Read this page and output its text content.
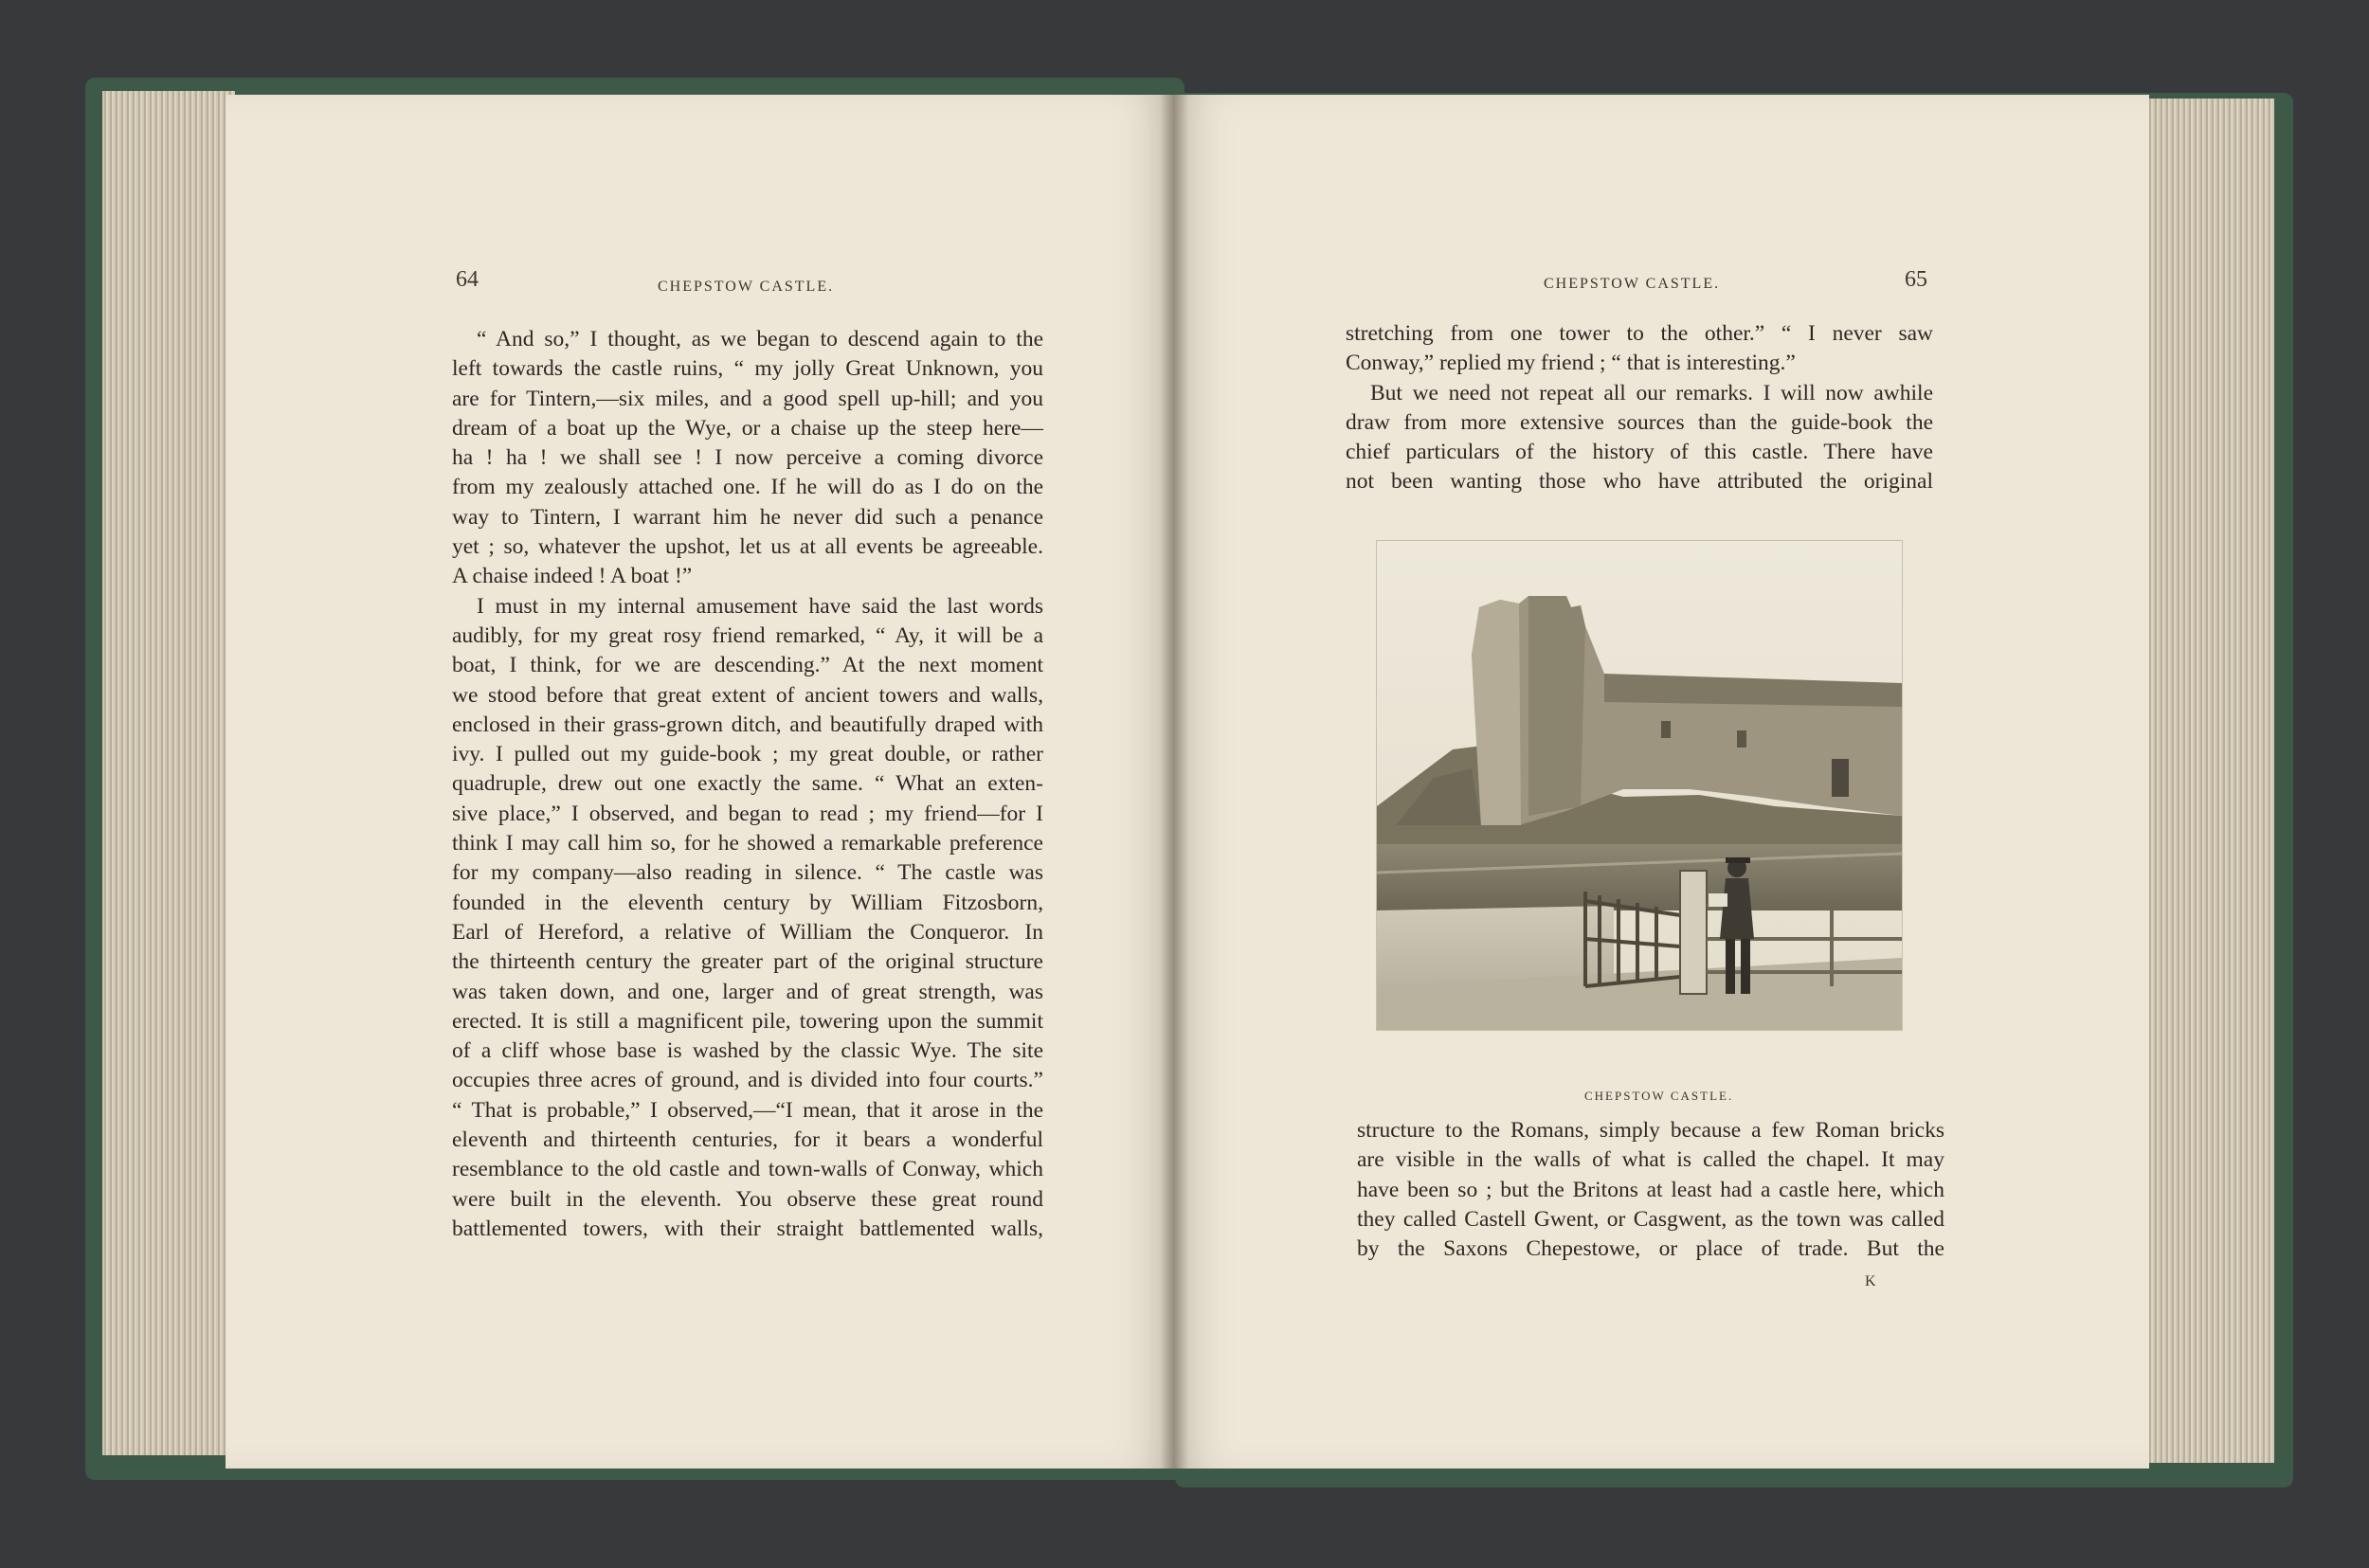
64	CHEPSTOW CASTLE.
“ And so,” I thought, as we began to descend again to the
left towards the castle ruins, “ my jolly Great Unknown, you
are for Tintern,—six miles, and a good spell up-hill; and you
dream of a boat up the Wye, or a chaise up the steep here—
ha ! ha ! we shall see ! I now perceive a coming divorce
from my zealously attached one. If he will do as I do on the
way to Tintern, I warrant him he never did such a penance
yet ; so, whatever the upshot, let us at all events be agreeable.
A chaise indeed ! A boat !”
I must in my internal amusement have said the last words
audibly, for my great rosy friend remarked, “ Ay, it will be a
boat, I think, for we are descending.” At the next moment
we stood before that great extent of ancient towers and walls,
enclosed in their grass-grown ditch, and beautifully draped with
ivy. I pulled out my guide-book ; my great double, or rather
quadruple, drew out one exactly the same. “ What an exten-
sive place,” I observed, and began to read ; my friend—for I
think I may call him so, for he showed a remarkable preference
for my company—also reading in silence. “ The castle was
founded in the eleventh century by William Fitzosborn,
Earl of Hereford, a relative of William the Conqueror. In
the thirteenth century the greater part of the original structure
was taken down, and one, larger and of great strength, was
erected. It is still a magnificent pile, towering upon the summit
of a cliff whose base is washed by the classic Wye. The site
occupies three acres of ground, and is divided into four courts.”
“ That is probable,” I observed,—“I mean, that it arose in the
eleventh and thirteenth centuries, for it bears a wonderful
resemblance to the old castle and town-walls of Conway, which
were built in the eleventh. You observe these great round
battlemented towers, with their straight battlemented walls,
CHEPSTOW CASTLE.	65
stretching from one tower to the other.” “ I never saw
Conway,” replied my friend ; “ that is interesting.”
But we need not repeat all our remarks. I will now awhile
draw from more extensive sources than the guide-book the
chief particulars of the history of this castle. There have
not been wanting those who have attributed the original
CHEPSTOW CASTLE.
structure to the Romans, simply because a few Roman bricks
are visible in the walls of what is called the chapel. It may
have been so ; but the Britons at least had a castle here, which
they called Castell Gwent, or Casgwent, as the town was called
by the Saxons Chepestowe, or place of trade. But the
K
